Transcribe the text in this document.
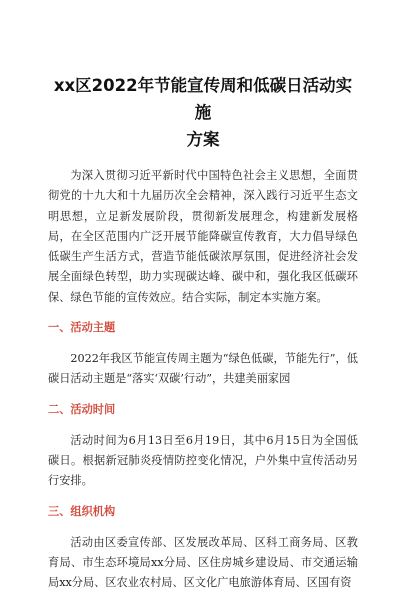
xx区2022年节能宣传周和低碳日活动实施
方案

为深入贯彻习近平新时代中国特色社会主义思想，全面贯彻党的十九大和十九届历次全会精神，深入践行习近平生态文明思想，立足新发展阶段，贯彻新发展理念，构建新发展格局，在全区范围内广泛开展节能降碳宣传教育，大力倡导绿色低碳生产生活方式，营造节能低碳浓厚氛围，促进经济社会发展全面绿色转型，助力实现碳达峰、碳中和，强化我区低碳环保、绿色节能的宣传效应。结合实际，制定本实施方案。

一、活动主题

2022年我区节能宣传周主题为“绿色低碳，节能先行”，低碳日活动主题是“落实‘双碳’行动”，共建美丽家园

二、活动时间

活动时间为6月13日至6月19日，其中6月15日为全国低碳日。根据新冠肺炎疫情防控变化情况，户外集中宣传活动另行安排。

三、组织机构

活动由区委宣传部、区发展改革局、区科工商务局、区教育局、市生态环境局xx分局、区住房城乡建设局、市交通运输局xx分局、区农业农村局、区文化广电旅游体育局、区国有资
